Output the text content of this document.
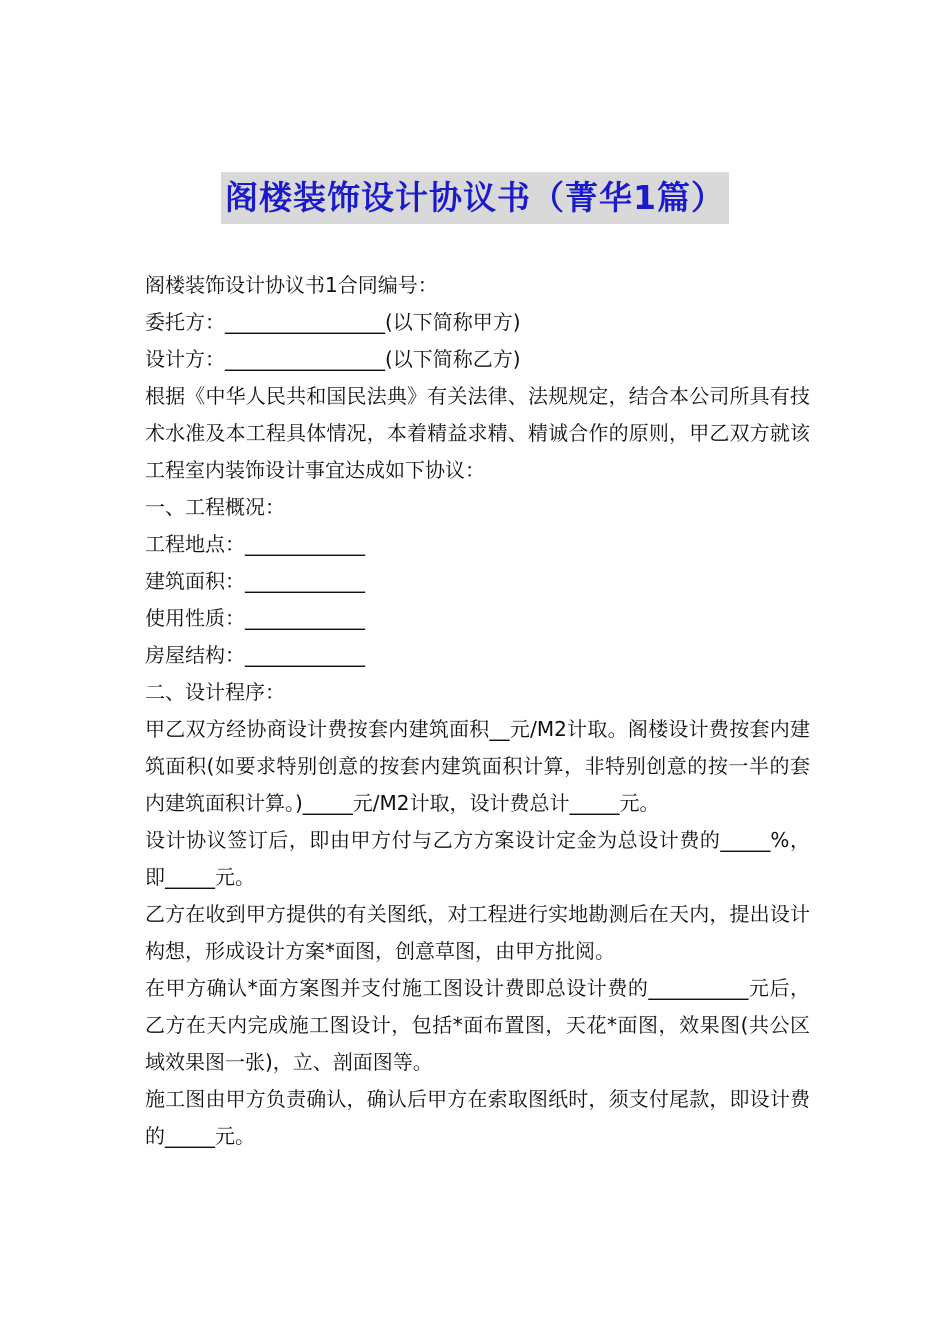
阁楼装饰设计协议书（菁华1篇）

阁楼装饰设计协议书1合同编号：

委托方：________________(以下简称甲方)

设计方：________________(以下简称乙方)

根据《中华人民共和国民法典》有关法律、法规规定，结合本公司所具有技术水准及本工程具体情况，本着精益求精、精诚合作的原则，甲乙双方就该工程室内装饰设计事宜达成如下协议：

一、工程概况：

工程地点：____________

建筑面积：____________

使用性质：____________

房屋结构：____________

二、设计程序：

甲乙双方经协商设计费按套内建筑面积__元/M2计取。阁楼设计费按套内建筑面积(如要求特别创意的按套内建筑面积计算，非特别创意的按一半的套内建筑面积计算。)_____元/M2计取，设计费总计_____元。

设计协议签订后，即由甲方付与乙方方案设计定金为总设计费的_____%，即_____元。

乙方在收到甲方提供的有关图纸，对工程进行实地勘测后在天内，提出设计构想，形成设计方案*面图，创意草图，由甲方批阅。

在甲方确认*面方案图并支付施工图设计费即总设计费的__________元后，乙方在天内完成施工图设计，包括*面布置图，天花*面图，效果图(共公区域效果图一张)，立、剖面图等。

施工图由甲方负责确认，确认后甲方在索取图纸时，须支付尾款，即设计费的_____元。
